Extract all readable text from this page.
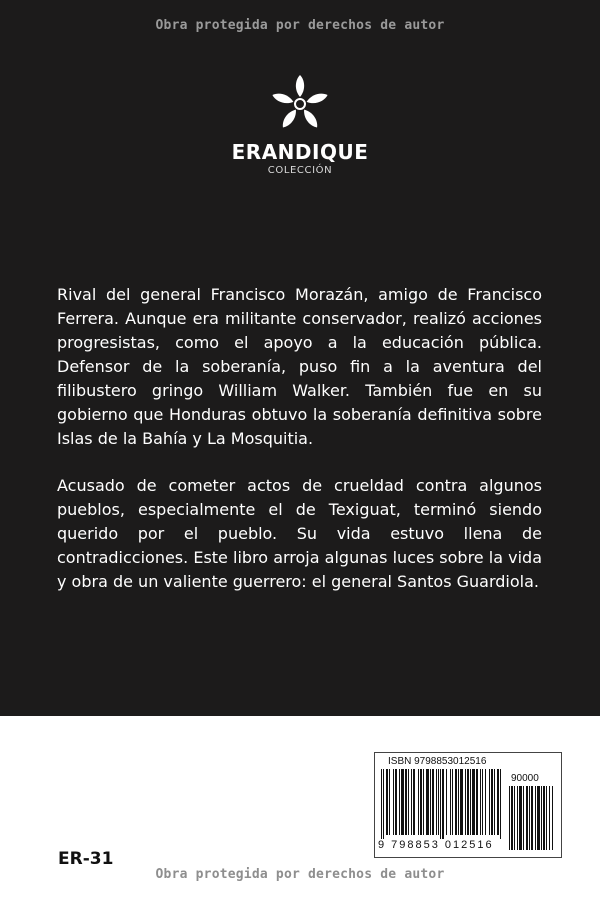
Obra protegida por derechos de autor
ERANDIQUE
COLECCIÓN

Rival del general Francisco Morazán, amigo de Francisco Ferrera. Aunque era militante conservador, realizó acciones progresistas, como el apoyo a la educación pública. Defensor de la soberanía, puso fin a la aventura del filibustero gringo William Walker. También fue en su gobierno que Honduras obtuvo la soberanía definitiva sobre Islas de la Bahía y La Mosquitia.

Acusado de cometer actos de crueldad contra algunos pueblos, especialmente el de Texiguat, terminó siendo querido por el pueblo. Su vida estuvo llena de contradicciones. Este libro arroja algunas luces sobre la vida y obra de un valiente guerrero: el general Santos Guardiola.

ER-31
ISBN 9798853012516
90000
9 798853 012516
Obra protegida por derechos de autor
